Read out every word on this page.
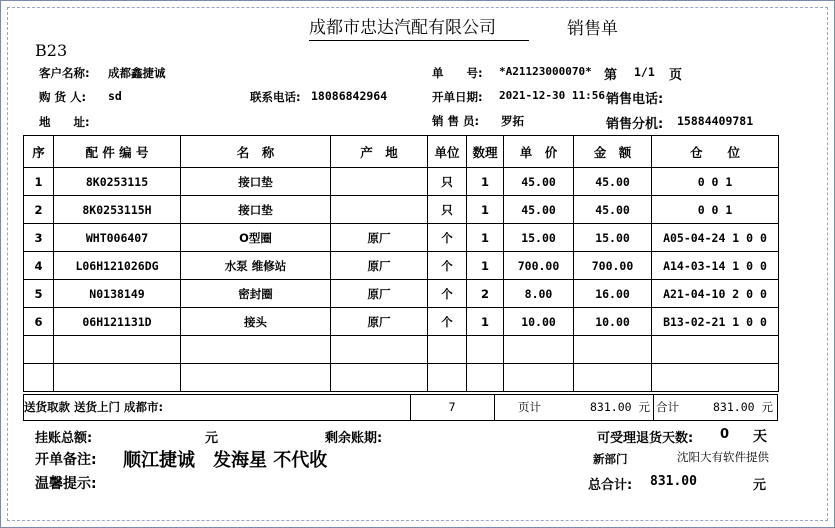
成都市忠达汽配有限公司	销售单
B23
客户名称: 成都鑫捷诚	单　　号: *A21123000070* 第 1/1 页
购 货 人: sd	联系电话: 18086842964	开单日期: 2021-12-30 11:56 销售电话:
地　　址:	销 售 员: 罗拓	销售分机: 15884409781
序	配 件 编 号	名　称	产　地	单位	数理	单　价	金　额	仓　　位
1	8K0253115	接口垫		只	1	45.00	45.00	0 0 1
2	8K0253115H	接口垫		只	1	45.00	45.00	0 0 1
3	WHT006407	O型圈	原厂	个	1	15.00	15.00	A05-04-24 1 0 0
4	L06H121026DG	水泵 维修站	原厂	个	1	700.00	700.00	A14-03-14 1 0 0
5	N0138149	密封圈	原厂	个	2	8.00	16.00	A21-04-10 2 0 0
6	06H121131D	接头	原厂	个	1	10.00	10.00	B13-02-21 1 0 0

送货取款 送货上门 成都市:	7	页计	831.00 元 合计	831.00 元
挂账总额:	元	剩余账期:	可受理退货天数: 0 天
开单备注: 顺江捷诚　发海星 不代收	新部门	沈阳大有软件提供
温馨提示:	总合计: 831.00	元
